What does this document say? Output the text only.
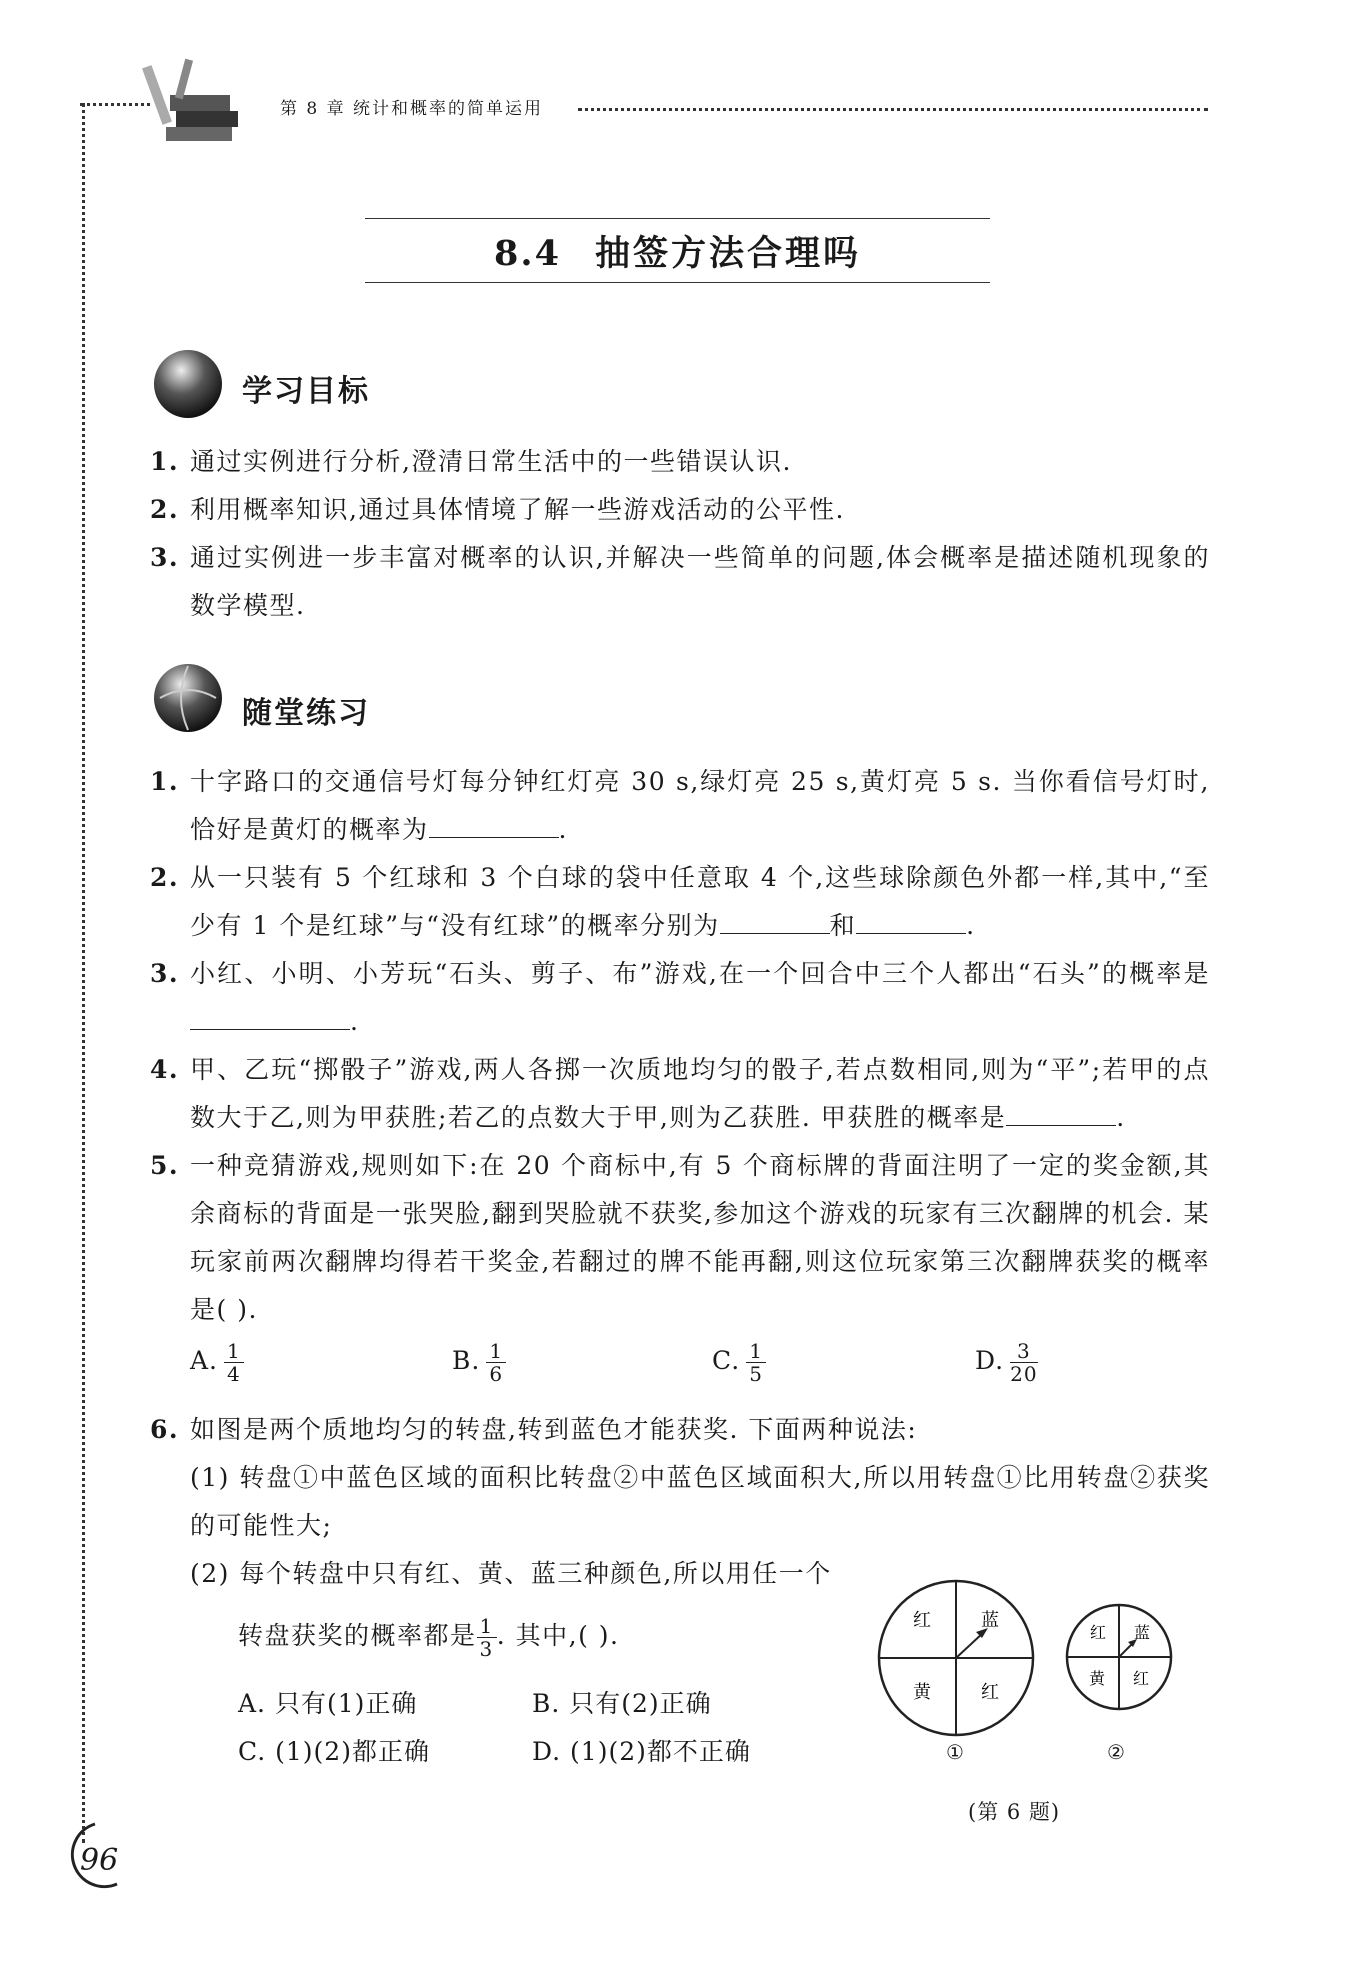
第 8 章 统计和概率的简单运用
8.4 抽签方法合理吗
学习目标
1. 通过实例进行分析,澄清日常生活中的一些错误认识.
2. 利用概率知识,通过具体情境了解一些游戏活动的公平性.
3. 通过实例进一步丰富对概率的认识,并解决一些简单的问题,体会概率是描述随机现象的数学模型.
随堂练习
1. 十字路口的交通信号灯每分钟红灯亮 30 s,绿灯亮 25 s,黄灯亮 5 s. 当你看信号灯时,恰好是黄灯的概率为	.
2. 从一只装有 5 个红球和 3 个白球的袋中任意取 4 个,这些球除颜色外都一样,其中,“至少有 1 个是红球”与“没有红球”的概率分别为	和	.
3. 小红、小明、小芳玩“石头、剪子、布”游戏,在一个回合中三个人都出“石头”的概率是.
4. 甲、乙玩“掷骰子”游戏,两人各掷一次质地均匀的骰子,若点数相同,则为“平”;若甲的点数大于乙,则为甲获胜;若乙的点数大于甲,则为乙获胜. 甲获胜的概率是	.
5. 一种竞猜游戏,规则如下:在 20 个商标中,有 5 个商标牌的背面注明了一定的奖金额,其余商标的背面是一张哭脸,翻到哭脸就不获奖,参加这个游戏的玩家有三次翻牌的机会. 某玩家前两次翻牌均得若干奖金,若翻过的牌不能再翻,则这位玩家第三次翻牌获奖的概率是( ).
A. $\frac{1}{4}$	B. $\frac{1}{6}$	C. $\frac{1}{5}$	D. $\frac{3}{20}$
6. 如图是两个质地均匀的转盘,转到蓝色才能获奖. 下面两种说法:
(1) 转盘①中蓝色区域的面积比转盘②中蓝色区域面积大,所以用转盘①比用转盘②获奖的可能性大;
(2) 每个转盘中只有红、黄、蓝三种颜色,所以用任一个
转盘获奖的概率都是 $\frac{1}{3}$ . 其中,( ).
A. 只有(1)正确	B. 只有(2)正确
C. (1)(2)都正确	D. (1)(2)都不正确
红	蓝
黄	红
①
红 蓝
黄 红
②
(第 6 题)
96
